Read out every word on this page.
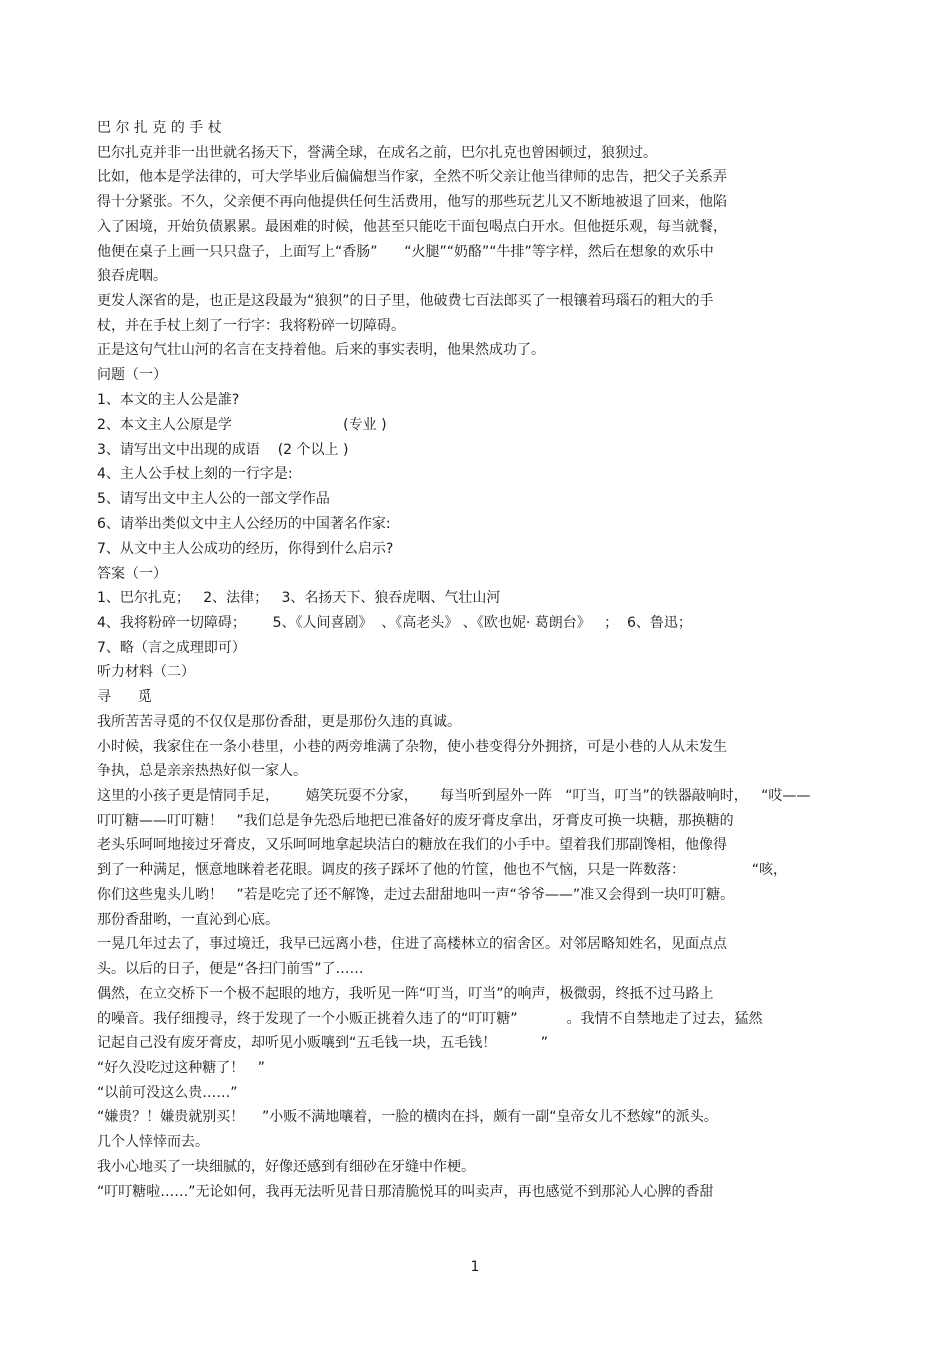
巴 尔 扎 克 的 手 杖
巴尔扎克并非一出世就名扬天下，誉满全球，在成名之前，巴尔扎克也曾困顿过，狼狈过。
比如，他本是学法律的，可大学毕业后偏偏想当作家，全然不听父亲让他当律师的忠告，把父子关系弄
得十分紧张。不久，父亲便不再向他提供任何生活费用，他写的那些玩艺儿又不断地被退了回来，他陷
入了困境，开始负债累累。最困难的时候，他甚至只能吃干面包喝点白开水。但他挺乐观，每当就餐，
他便在桌子上画一只只盘子，上面写上“香肠”      “火腿”“奶酪”“牛排”等字样，然后在想象的欢乐中
狼吞虎咽。
更发人深省的是，也正是这段最为“狼狈”的日子里，他破费七百法郎买了一根镶着玛瑙石的粗大的手
杖，并在手杖上刻了一行字：我将粉碎一切障碍。
正是这句气壮山河的名言在支持着他。后来的事实表明，他果然成功了。
问题（一）
1、本文的主人公是誰?
2、本文主人公原是学                         (专业 )
3、请写出文中出现的成语    (2 个以上 )
4、主人公手杖上刻的一行字是:
5、请写出文中主人公的一部文学作品
6、请举出类似文中主人公经历的中国著名作家:
7、从文中主人公成功的经历，你得到什么启示?
答案（一）
1、巴尔扎克；   2、法律；   3、名扬天下、狼吞虎咽、气壮山河
4、我将粉碎一切障碍；      5、《人间喜剧》  、《高老头》 、《欧也妮· 葛朗台》   ；  6、鲁迅；
7、略（言之成理即可）
听力材料（二）
寻      觅
我所苦苦寻觅的不仅仅是那份香甜，更是那份久违的真诚。
小时候，我家住在一条小巷里，小巷的两旁堆满了杂物，使小巷变得分外拥挤，可是小巷的人从未发生
争执，总是亲亲热热好似一家人。
这里的小孩子更是情同手足，      嬉笑玩耍不分家，     每当听到屋外一阵   “叮当，叮当”的铁器敲响时，   “哎——
叮叮糖——叮叮糖！   ”我们总是争先恐后地把已准备好的废牙膏皮拿出，牙膏皮可换一块糖，那换糖的
老头乐呵呵地接过牙膏皮，又乐呵呵地拿起块洁白的糖放在我们的小手中。望着我们那副馋相，他像得
到了一种满足，惬意地眯着老花眼。调皮的孩子踩坏了他的竹筐，他也不气恼，只是一阵数落：               “咳，
你们这些鬼头儿哟！   ”若是吃完了还不解馋，走过去甜甜地叫一声“爷爷——”准又会得到一块叮叮糖。
那份香甜哟，一直沁到心底。
一晃几年过去了，事过境迁，我早已远离小巷，住进了高楼林立的宿舍区。对邻居略知姓名，见面点点
头。以后的日子，便是“各扫门前雪”了……
偶然，在立交桥下一个极不起眼的地方，我听见一阵“叮当，叮当”的响声，极微弱，终抵不过马路上
的噪音。我仔细搜寻，终于发现了一个小贩正挑着久违了的“叮叮糖”           。我情不自禁地走了过去，猛然
记起自己没有废牙膏皮，却听见小贩嚷到“五毛钱一块，五毛钱！          ”
“好久没吃过这种糖了！   ”
“以前可没这么贵……”
“嫌贵？！嫌贵就别买！    ”小贩不满地嚷着，一脸的横肉在抖，颇有一副“皇帝女儿不愁嫁”的派头。
几个人悻悻而去。
我小心地买了一块细腻的，好像还感到有细砂在牙缝中作梗。
“叮叮糖啦……”无论如何，我再无法听见昔日那清脆悦耳的叫卖声，再也感觉不到那沁人心脾的香甜
1
